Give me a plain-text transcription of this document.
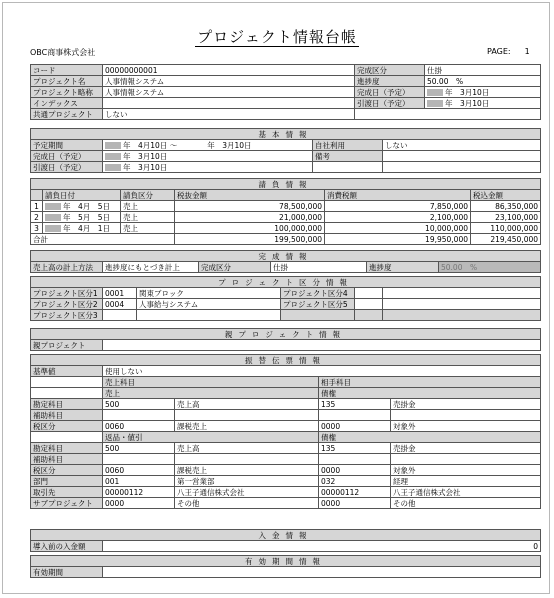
プロジェクト情報台帳
OBC商事株式会社	PAGE: 1
コード	00000000001	完成区分	仕掛
プロジェクト名	人事情報システム	進捗度	50.00　%
プロジェクト略称	人事情報システム	完成日（予定）	年　3月10日
インデックス		引渡日（予定）	年　3月10日
共通プロジェクト	しない		
基本情報			
予定期間	年　4月10日 〜　　　　年　3月10日	自社利用	しない
完成日（予定）	年　3月10日	備考	
引渡日（予定）	年　3月10日		
請負情報					
	請負日付	請負区分	税抜金額	消費税額	税込金額
1	年　4月　5日	売上	78,500,000	7,850,000	86,350,000
2	年　5月　5日	売上	21,000,000	2,100,000	23,100,000
3	年　4月　1日	売上	100,000,000	10,000,000	110,000,000
合計			199,500,000	19,950,000	219,450,000
完成情報
売上高の計上方法	進捗度にもとづき計上	完成区分	仕掛	進捗度	50.00　%
プロジェクト区分情報					
プロジェクト区分1	0001	関東ブロック	プロジェクト区分4		
プロジェクト区分2	0004	人事給与システム	プロジェクト区分5		
プロジェクト区分3					
親プロジェクト情報
親プロジェクト	
振替伝票情報				
基準値	使用しない			
	売上科目		相手科目	
	売上		債権	
勘定科目	500	売上高	135	売掛金
補助科目				
税区分	0060	課税売上	0000	対象外
	返品・値引		債権	
勘定科目	500	売上高	135	売掛金
補助科目				
税区分	0060	課税売上	0000	対象外
部門	001	第一営業部	032	経理
取引先	00000112	八王子通信株式会社	00000112	八王子通信株式会社
サブプロジェクト	0000	その他	0000	その他
入金情報
導入前の入金額	0
有効期間情報
有効期間	
